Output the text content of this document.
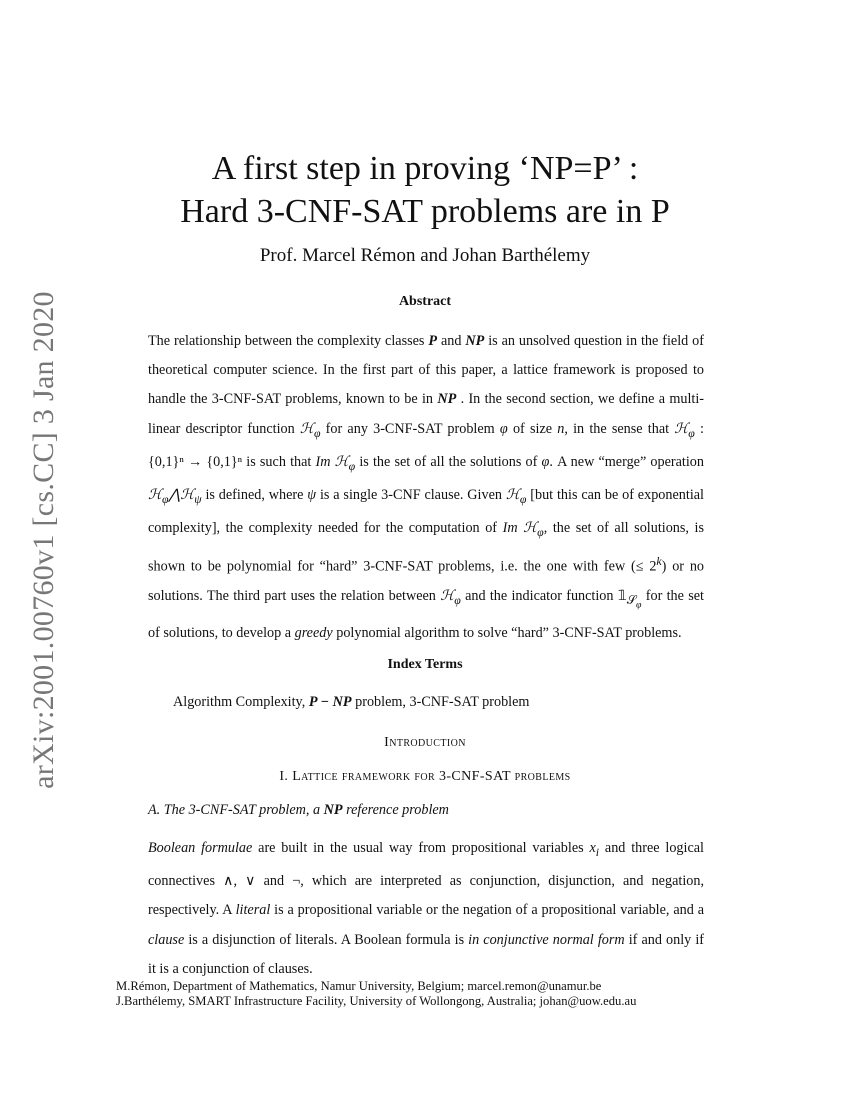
arXiv:2001.00760v1 [cs.CC] 3 Jan 2020
A first step in proving ‘NP=P’ :
Hard 3-CNF-SAT problems are in P
Prof. Marcel Rémon and Johan Barthélemy
Abstract

The relationship between the complexity classes P and NP is an unsolved question in the field of theoretical computer science. In the first part of this paper, a lattice framework is proposed to handle the 3-CNF-SAT problems, known to be in NP . In the second section, we define a multi-linear descriptor function ℋ$_\varphi$ for any 3-CNF-SAT problem φ of size n, in the sense that ℋ$_\varphi$ : {0,1}ⁿ → {0,1}ⁿ is such that Im ℋ$_\varphi$ is the set of all the solutions of φ. A new “merge” operation ℋ$_\varphi$⋀ℋ$_\psi$ is defined, where ψ is a single 3-CNF clause. Given ℋ$_\varphi$ [but this can be of exponential complexity], the complexity needed for the computation of Im ℋ$_\varphi$, the set of all solutions, is shown to be polynomial for “hard” 3-CNF-SAT problems, i.e. the one with few (≤ $2^k$) or no solutions. The third part uses the relation between ℋ$_\varphi$ and the indicator function $𝟙_{𝒮_\varphi}$ for the set of solutions, to develop a greedy polynomial algorithm to solve “hard” 3-CNF-SAT problems.

Index Terms
Algorithm Complexity, P − NP problem, 3-CNF-SAT problem
Introduction
I. Lattice framework for 3-CNF-SAT problems
A. The 3-CNF-SAT problem, a NP reference problem

Boolean formulae are built in the usual way from propositional variables $x_i$ and three logical connectives ∧, ∨ and ¬, which are interpreted as conjunction, disjunction, and negation, respectively. A literal is a propositional variable or the negation of a propositional variable, and a clause is a disjunction of literals. A Boolean formula is in conjunctive normal form if and only if it is a conjunction of clauses.

M.Rémon, Department of Mathematics, Namur University, Belgium; marcel.remon@unamur.be
J.Barthélemy, SMART Infrastructure Facility, University of Wollongong, Australia; johan@uow.edu.au
